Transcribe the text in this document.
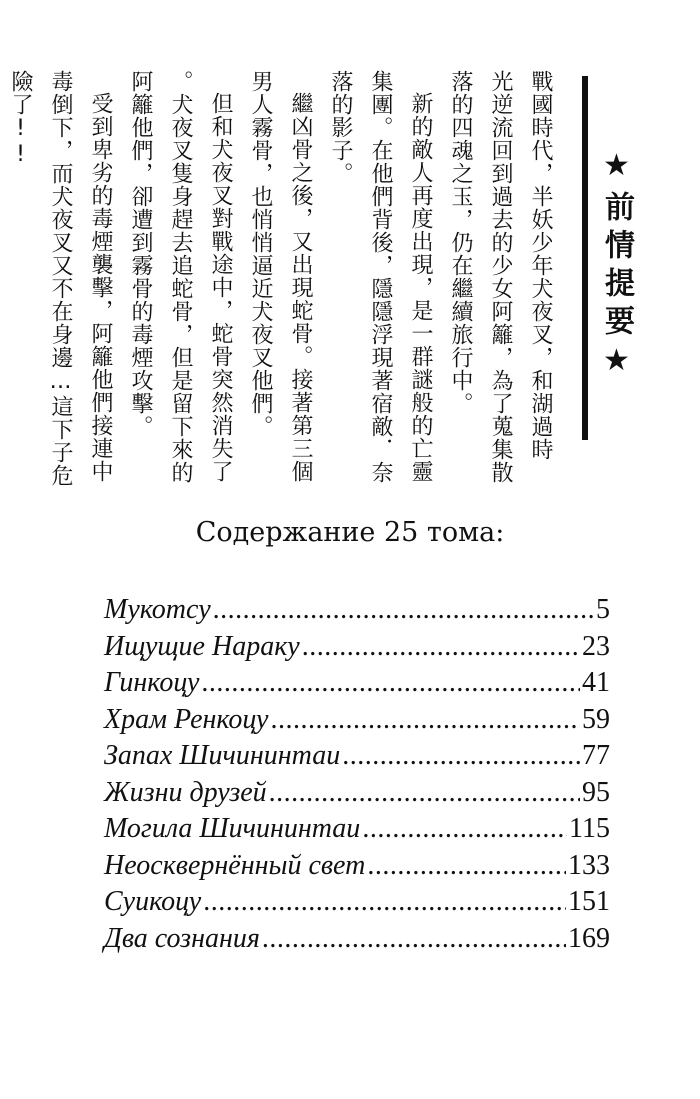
★前情提要★
戰國時代，半妖少年犬夜叉，和湖過時
光逆流回到過去的少女阿籬，為了蒐集散
落的四魂之玉，仍在繼續旅行中。
新的敵人再度出現，是一群謎般的亡靈
集團。在他們背後，隱隱浮現著宿敵．奈
落的影子。
繼凶骨之後，又出現蛇骨。接著第三個
男人霧骨，也悄悄逼近犬夜叉他們。
但和犬夜叉對戰途中，蛇骨突然消失了
。犬夜叉隻身趕去追蛇骨，但是留下來的
阿籬他們，卻遭到霧骨的毒煙攻擊。
受到卑劣的毒煙襲擊，阿籬他們接連中
毒倒下，而犬夜叉又不在身邊…這下子危
險了!!
Содержание 25 тома:
Мукотсу .....	5
Ищущие Нараку .....	23
Гинкоцу .....	41
Храм Ренкоцу .....	59
Запах Шичининтаи .....	77
Жизни друзей .....	95
Могила Шичининтаи .....	115
Неосквернённый свет .....	133
Суикоцу .....	151
Два сознания .....	169
